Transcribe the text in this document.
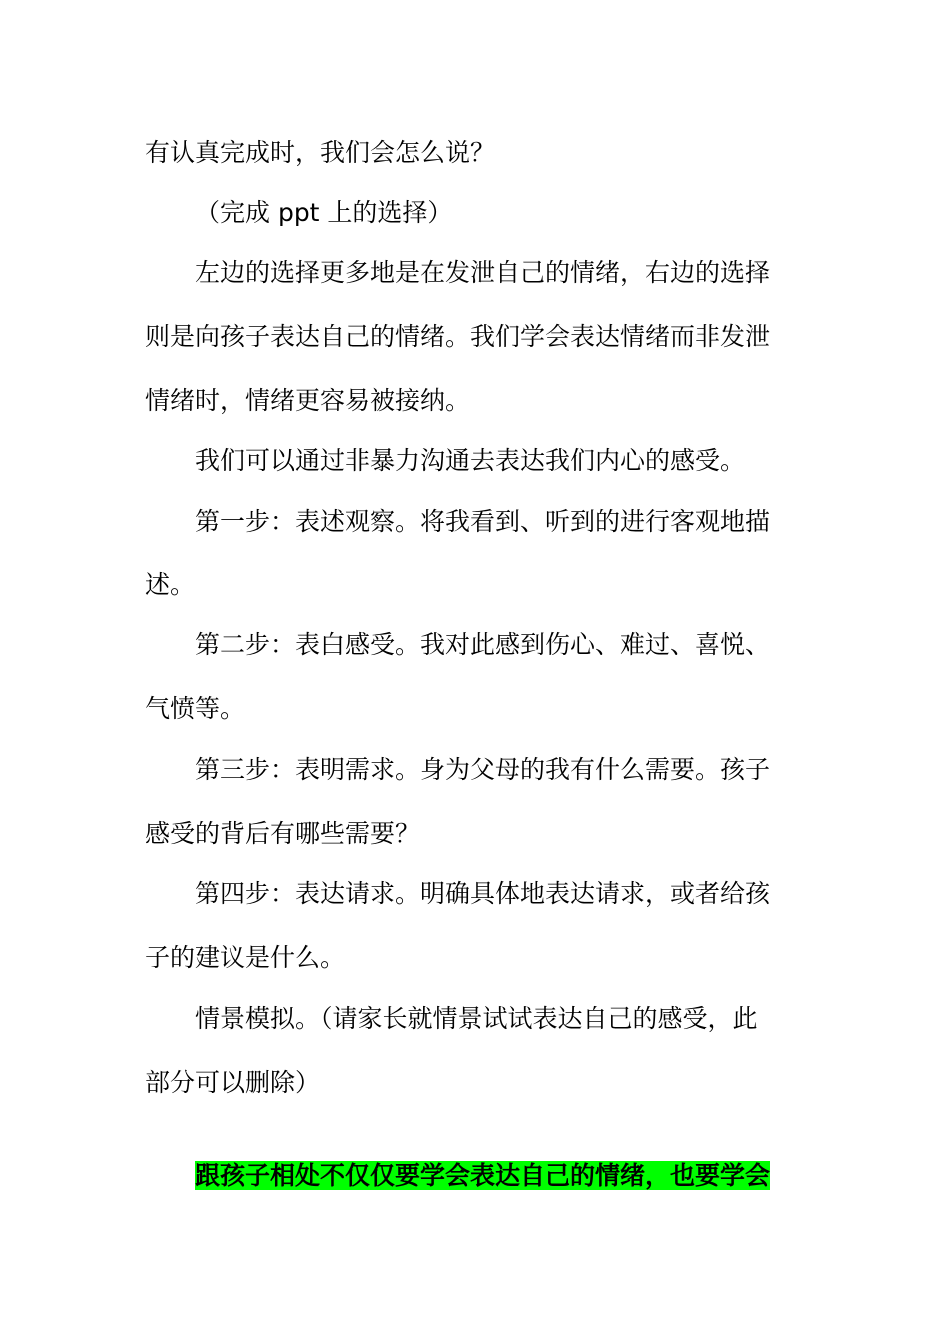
有认真完成时，我们会怎么说？
（完成 ppt 上的选择）
左边的选择更多地是在发泄自己的情绪，右边的选择
则是向孩子表达自己的情绪。我们学会表达情绪而非发泄
情绪时，情绪更容易被接纳。
我们可以通过非暴力沟通去表达我们内心的感受。
第一步：表述观察。将我看到、听到的进行客观地描
述。
第二步：表白感受。我对此感到伤心、难过、喜悦、
气愤等。
第三步：表明需求。身为父母的我有什么需要。孩子
感受的背后有哪些需要？
第四步：表达请求。明确具体地表达请求，或者给孩
子的建议是什么。
情景模拟。（请家长就情景试试表达自己的感受，此
部分可以删除）
跟孩子相处不仅仅要学会表达自己的情绪，也要学会
